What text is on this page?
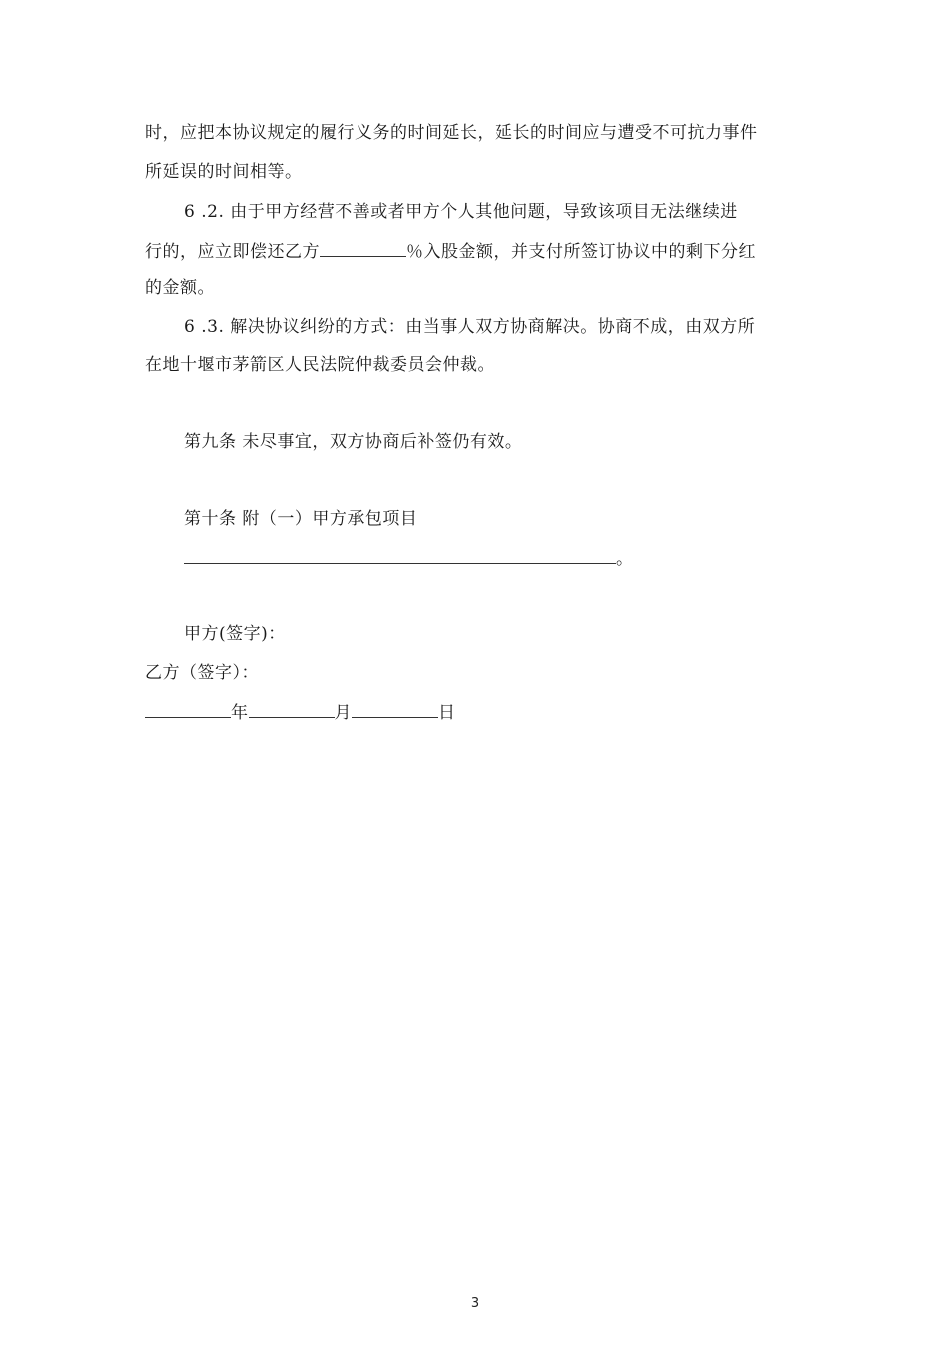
时，应把本协议规定的履行义务的时间延长，延长的时间应与遭受不可抗力事件
所延误的时间相等。
6 .2. 由于甲方经营不善或者甲方个人其他问题，导致该项目无法继续进
行的，应立即偿还乙方	％入股金额，并支付所签订协议中的剩下分红
的金额。
6 .3. 解决协议纠纷的方式：由当事人双方协商解决。协商不成，由双方所
在地十堰市茅箭区人民法院仲裁委员会仲裁。
第九条 未尽事宜，双方协商后补签仍有效。
第十条 附（一）甲方承包项目
。
甲方(签字)：
乙方（签字）：
年	月	日
3
